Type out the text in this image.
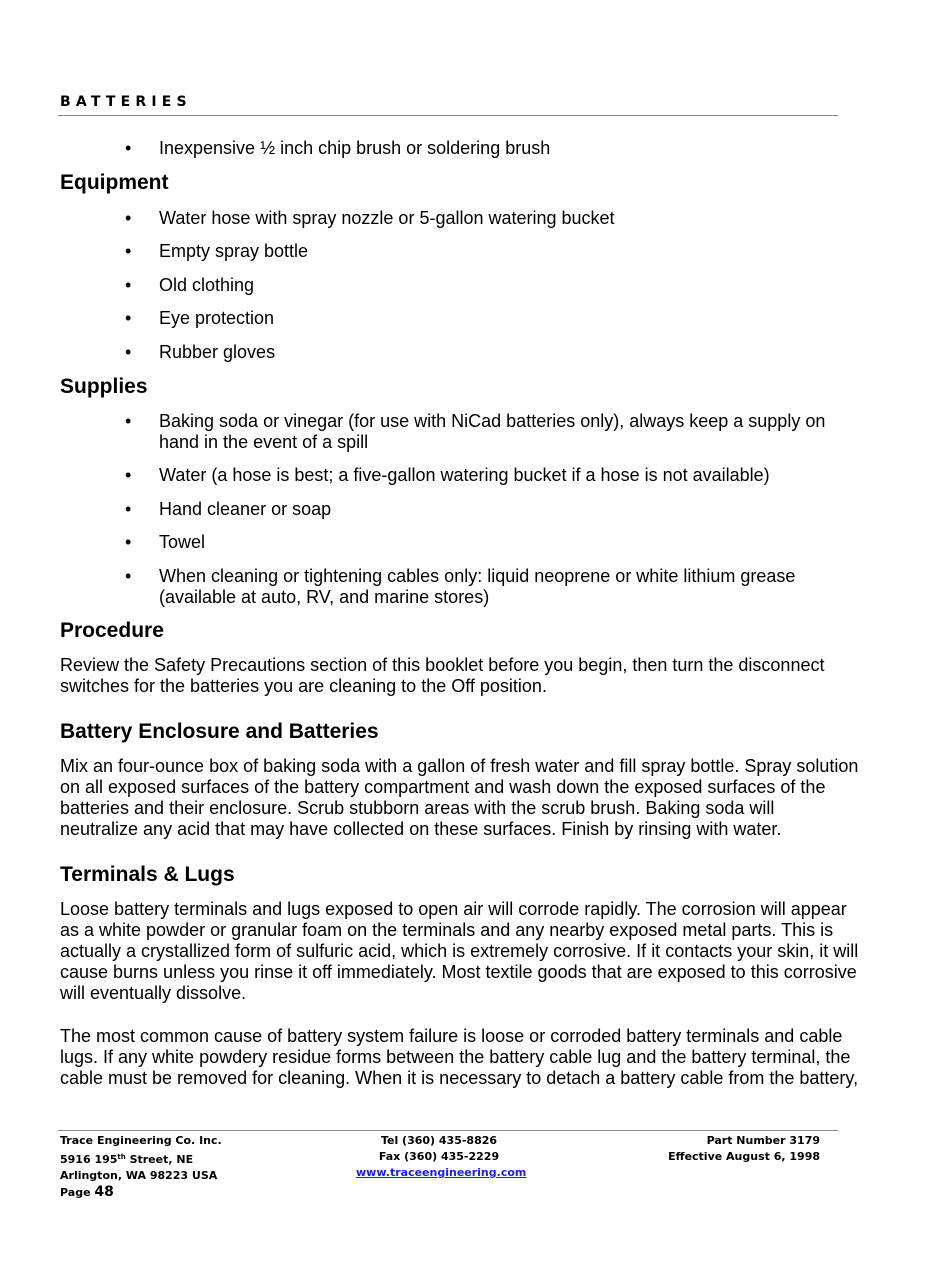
BATTERIES
• Inexpensive ½ inch chip brush or soldering brush
Equipment
• Water hose with spray nozzle or 5-gallon watering bucket
• Empty spray bottle
• Old clothing
• Eye protection
• Rubber gloves
Supplies
• Baking soda or vinegar (for use with NiCad batteries only), always keep a supply on
hand in the event of a spill
• Water (a hose is best; a five-gallon watering bucket if a hose is not available)
• Hand cleaner or soap
• Towel
• When cleaning or tightening cables only: liquid neoprene or white lithium grease
(available at auto, RV, and marine stores)
Procedure
Review the Safety Precautions section of this booklet before you begin, then turn the disconnect
switches for the batteries you are cleaning to the Off position.
Battery Enclosure and Batteries
Mix an four-ounce box of baking soda with a gallon of fresh water and fill spray bottle. Spray solution
on all exposed surfaces of the battery compartment and wash down the exposed surfaces of the
batteries and their enclosure. Scrub stubborn areas with the scrub brush. Baking soda will
neutralize any acid that may have collected on these surfaces. Finish by rinsing with water.
Terminals & Lugs
Loose battery terminals and lugs exposed to open air will corrode rapidly. The corrosion will appear
as a white powder or granular foam on the terminals and any nearby exposed metal parts. This is
actually a crystallized form of sulfuric acid, which is extremely corrosive. If it contacts your skin, it will
cause burns unless you rinse it off immediately. Most textile goods that are exposed to this corrosive
will eventually dissolve.
The most common cause of battery system failure is loose or corroded battery terminals and cable
lugs. If any white powdery residue forms between the battery cable lug and the battery terminal, the
cable must be removed for cleaning. When it is necessary to detach a battery cable from the battery,
Trace Engineering Co. Inc.
5916 195th Street, NE
Arlington, WA 98223 USA
Page 48
Tel (360) 435-8826
Fax (360) 435-2229
www.traceengineering.com
Part Number 3179
Effective August 6, 1998
